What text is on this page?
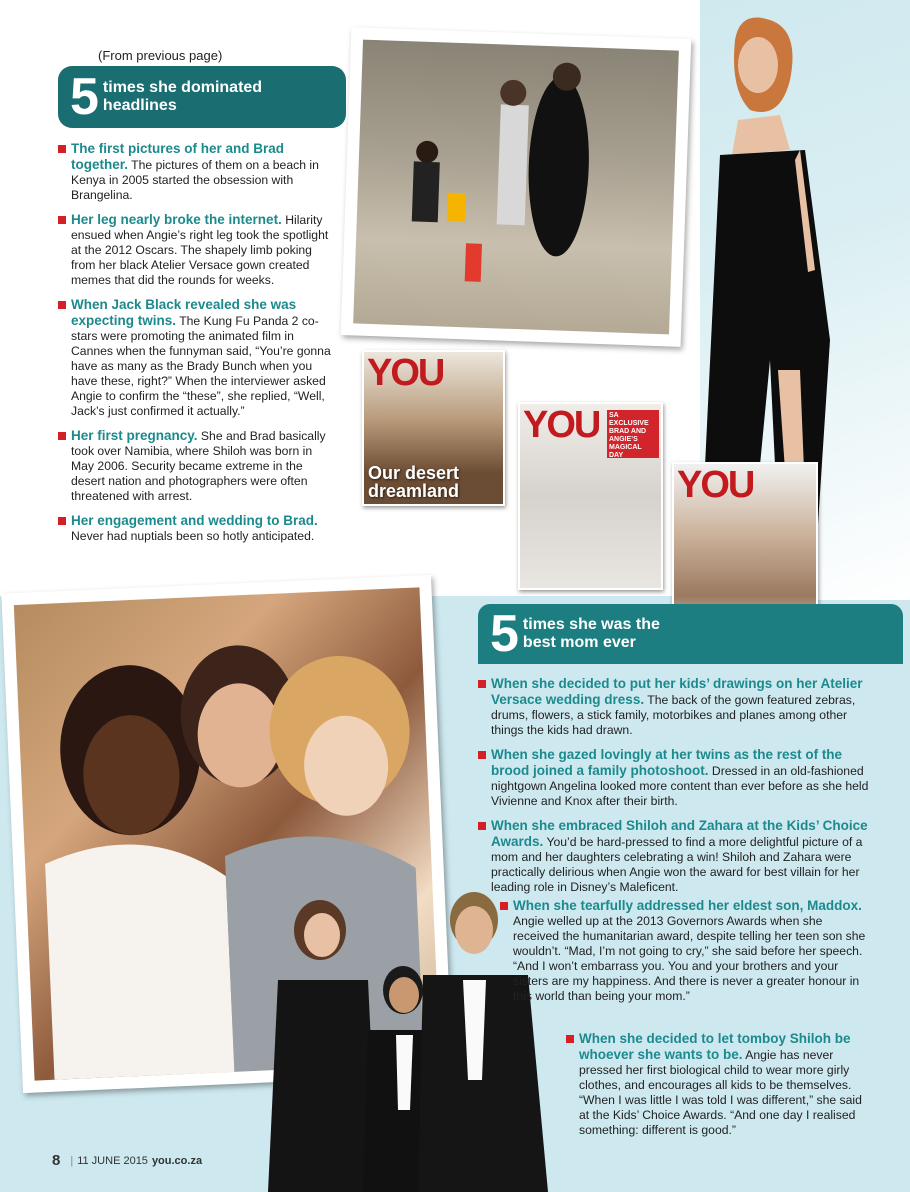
YOU
Our desert dreamland
YOU SA EXCLUSIVE BRAD AND ANGIE’S MAGICAL DAY
YOU
(From previous page)
5 times she dominated headlines
The first pictures of her and Brad together. The pictures of them on a beach in Kenya in 2005 started the obsession with Brangelina.
Her leg nearly broke the internet. Hilarity ensued when Angie’s right leg took the spotlight at the 2012 Oscars. The shapely limb poking from her black Atelier Versace gown created memes that did the rounds for weeks.
When Jack Black revealed she was expecting twins. The Kung Fu Panda 2 co-stars were promoting the animated film in Cannes when the funnyman said, “You’re gonna have as many as the Brady Bunch when you have these, right?” When the interviewer asked Angie to confirm the “these”, she replied, “Well, Jack’s just confirmed it actually.”
Her first pregnancy. She and Brad basically took over Namibia, where Shiloh was born in May 2006. Security became extreme in the desert nation and photographers were often threatened with arrest.
Her engagement and wedding to Brad. Never had nuptials been so hotly anticipated.
5 times she was the best mom ever
When she decided to put her kids’ drawings on her Atelier Versace wedding dress. The back of the gown featured zebras, drums, flowers, a stick family, motorbikes and planes among other things the kids had drawn.
When she gazed lovingly at her twins as the rest of the brood joined a family photoshoot. Dressed in an old-fashioned nightgown Angelina looked more content than ever before as she held Vivienne and Knox after their birth.
When she embraced Shiloh and Zahara at the Kids’ Choice Awards. You’d be hard-pressed to find a more delightful picture of a mom and her daughters celebrating a win! Shiloh and Zahara were practically delirious when Angie won the award for best villain for her leading role in Disney’s Maleficent.
When she tearfully addressed her eldest son, Maddox. Angie welled up at the 2013 Governors Awards when she received the humanitarian award, despite telling her teen son she wouldn’t. “Mad, I’m not going to cry,” she said before her speech. “And I won’t embarrass you. You and your brothers and your sisters are my happiness. And there is never a greater honour in this world than being your mom.”
When she decided to let tomboy Shiloh be whoever she wants to be. Angie has never pressed her first biological child to wear more girly clothes, and encourages all kids to be themselves. “When I was little I was told I was different,” she said at the Kids’ Choice Awards. “And one day I realised something: different is good.”
8 | 11 JUNE 2015 you.co.za
